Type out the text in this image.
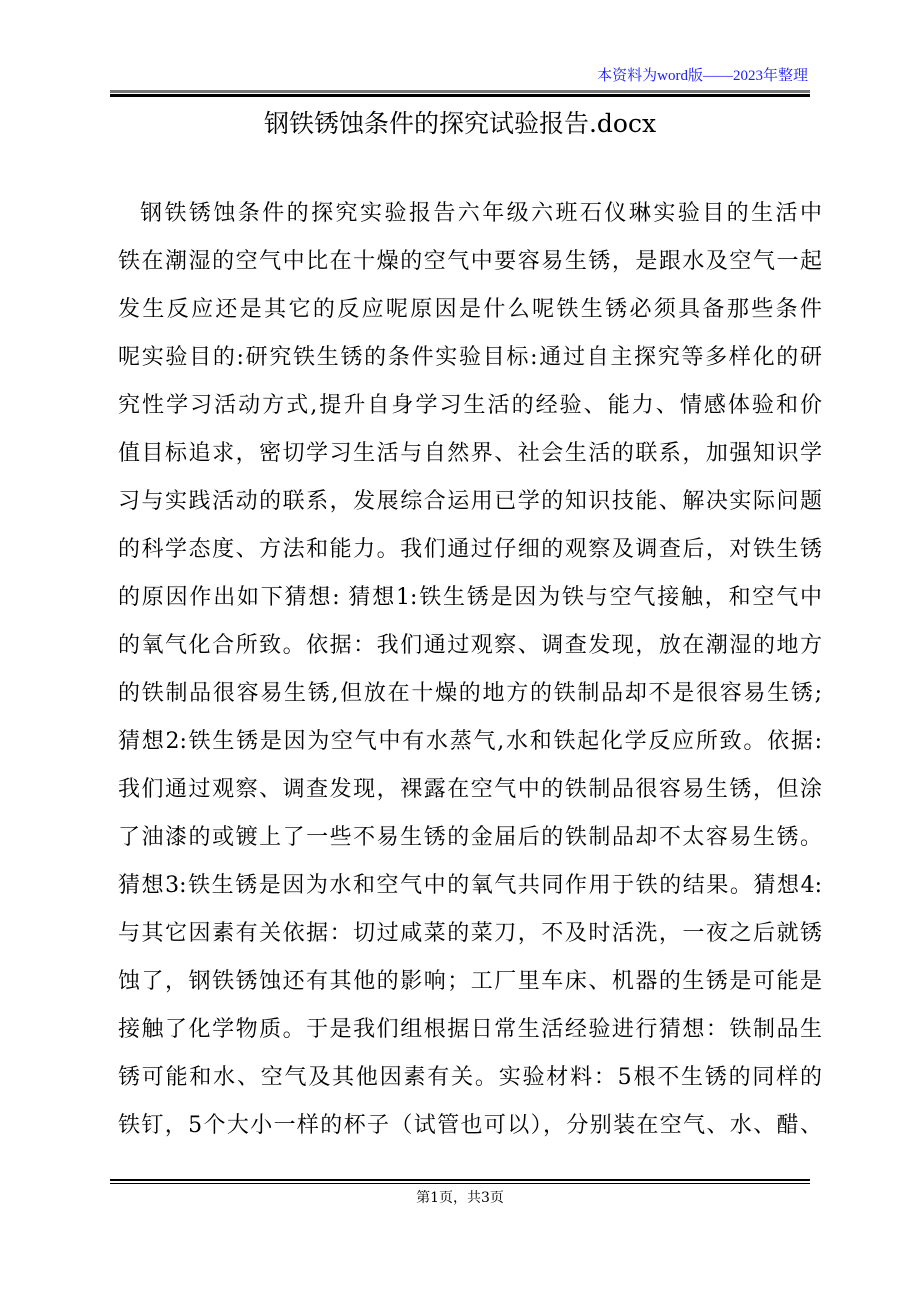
本资料为word版——2023年整理
钢铁锈蚀条件的探究试验报告.docx
钢铁锈蚀条件的探究实验报告六年级六班石仪琳实验目的生活中
铁在潮湿的空气中比在十燥的空气中要容易生锈，是跟水及空气一起
发生反应还是其它的反应呢原因是什么呢铁生锈必须具备那些条件
呢实验目的:研究铁生锈的条件实验目标:通过自主探究等多样化的研
究性学习活动方式,提升自身学习生活的经验、能力、情感体验和价
值目标追求，密切学习生活与自然界、社会生活的联系，加强知识学
习与实践活动的联系，发展综合运用已学的知识技能、解决实际问题
的科学态度、方法和能力。我们通过仔细的观察及调查后，对铁生锈
的原因作出如下猜想: 猜想1:铁生锈是因为铁与空气接触，和空气中
的氧气化合所致。依据：我们通过观察、调查发现，放在潮湿的地方
的铁制品很容易生锈,但放在十燥的地方的铁制品却不是很容易生锈;
猜想2:铁生锈是因为空气中有水蒸气,水和铁起化学反应所致。依据:
我们通过观察、调查发现，裸露在空气中的铁制品很容易生锈，但涂
了油漆的或镀上了一些不易生锈的金届后的铁制品却不太容易生锈。
猜想3:铁生锈是因为水和空气中的氧气共同作用于铁的结果。猜想4:
与其它因素有关依据：切过咸菜的菜刀，不及时活洗，一夜之后就锈
蚀了，钢铁锈蚀还有其他的影响；工厂里车床、机器的生锈是可能是
接触了化学物质。于是我们组根据日常生活经验进行猜想：铁制品生
锈可能和水、空气及其他因素有关。实验材料：5根不生锈的同样的
铁钉，5个大小一样的杯子（试管也可以），分别装在空气、水、醋、
第1页，共3页
